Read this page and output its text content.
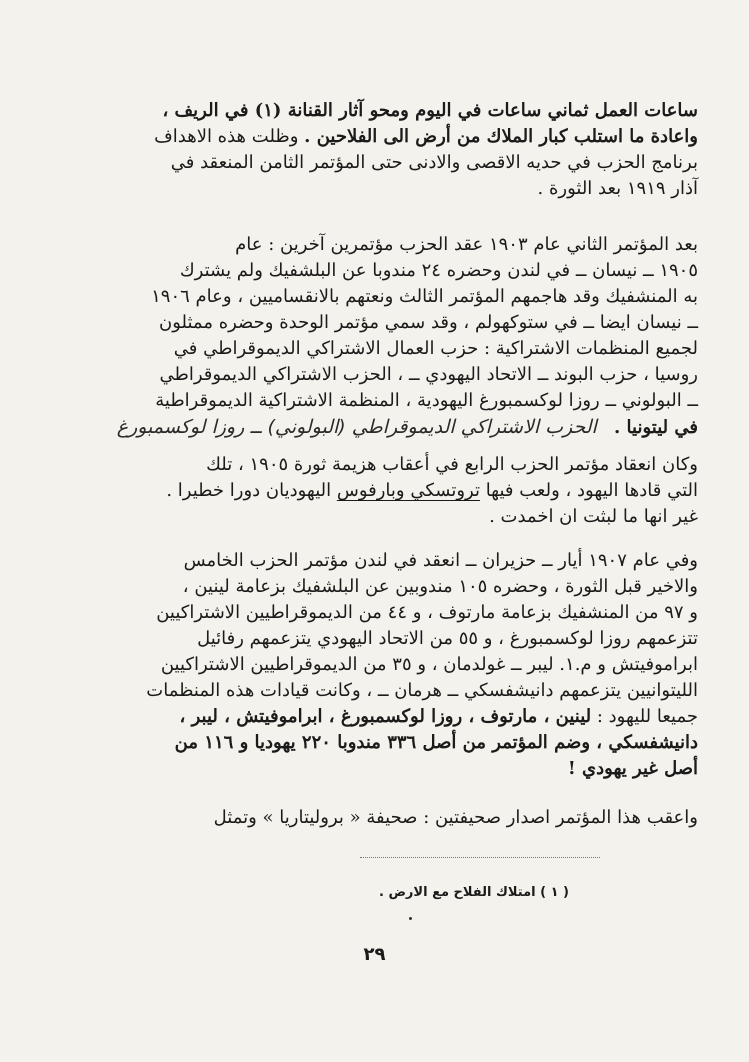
ساعات العمل ثماني ساعات في اليوم ومحو آثار القنانة (١) في الريف ،
واعادة ما استلب كبار الملاك من أرض الى الفلاحين . وظلت هذه الاهداف
برنامج الحزب في حديه الاقصى والادنى حتى المؤتمر الثامن المنعقد في
آذار ١٩١٩ بعد الثورة .

بعد المؤتمر الثاني عام ١٩٠٣ عقد الحزب مؤتمرين آخرين : عام
١٩٠٥ ــ نيسان ــ في لندن وحضره ٢٤ مندوبا عن البلشفيك ولم يشترك
به المنشفيك وقد هاجمهم المؤتمر الثالث ونعتهم بالانقساميين ، وعام ١٩٠٦
ــ نيسان ايضا ــ في ستوكهولم ، وقد سمي مؤتمر الوحدة وحضره ممثلون
لجميع المنظمات الاشتراكية : حزب العمال الاشتراكي الديموقراطي في
روسيا ، حزب البوند ــ الاتحاد اليهودي ــ ، الحزب الاشتراكي الديموقراطي
ــ البولوني ــ روزا لوكسمبورغ اليهودية ، المنظمة الاشتراكية الديموقراطية
في ليتونيا .   الحزب الاشتراكي الديموقراطي (البولوني) ــ روزا لوكسمبورغ

وكان انعقاد مؤتمر الحزب الرابع في أعقاب هزيمة ثورة ١٩٠٥ ، تلك
التي قادها اليهود ، ولعب فيها تروتسكي وبارفوس اليهوديان دورا خطيرا .
غير انها ما لبثت ان اخمدت .

وفي عام ١٩٠٧ أيار ــ حزيران ــ انعقد في لندن مؤتمر الحزب الخامس
والاخير قبل الثورة ، وحضره ١٠٥ مندوبين عن البلشفيك بزعامة لينين ،
و ٩٧ من المنشفيك بزعامة مارتوف ، و ٤٤ من الديموقراطيين الاشتراكيين
تتزعمهم روزا لوكسمبورغ ، و ٥٥ من الاتحاد اليهودي يتزعمهم رفائيل
ابراموفيتش و م.١. ليبر ــ غولدمان ، و ٣٥ من الديموقراطيين الاشتراكيين
الليتوانيين يتزعمهم دانيشفسكي ــ هرمان ــ ، وكانت قيادات هذه المنظمات
جميعا لليهود : لينين ، مارتوف ، روزا لوكسمبورغ ، ابراموفيتش ، ليبر ،
دانيشفسكي ، وضم المؤتمر من أصل ٣٣٦ مندوبا ٢٢٠ يهوديا و ١١٦ من
أصل غير يهودي !

واعقب هذا المؤتمر اصدار صحيفتين : صحيفة « بروليتاريا » وتمثل

( ١ ) امتلاك الفلاح مع الارض .
٢٩
